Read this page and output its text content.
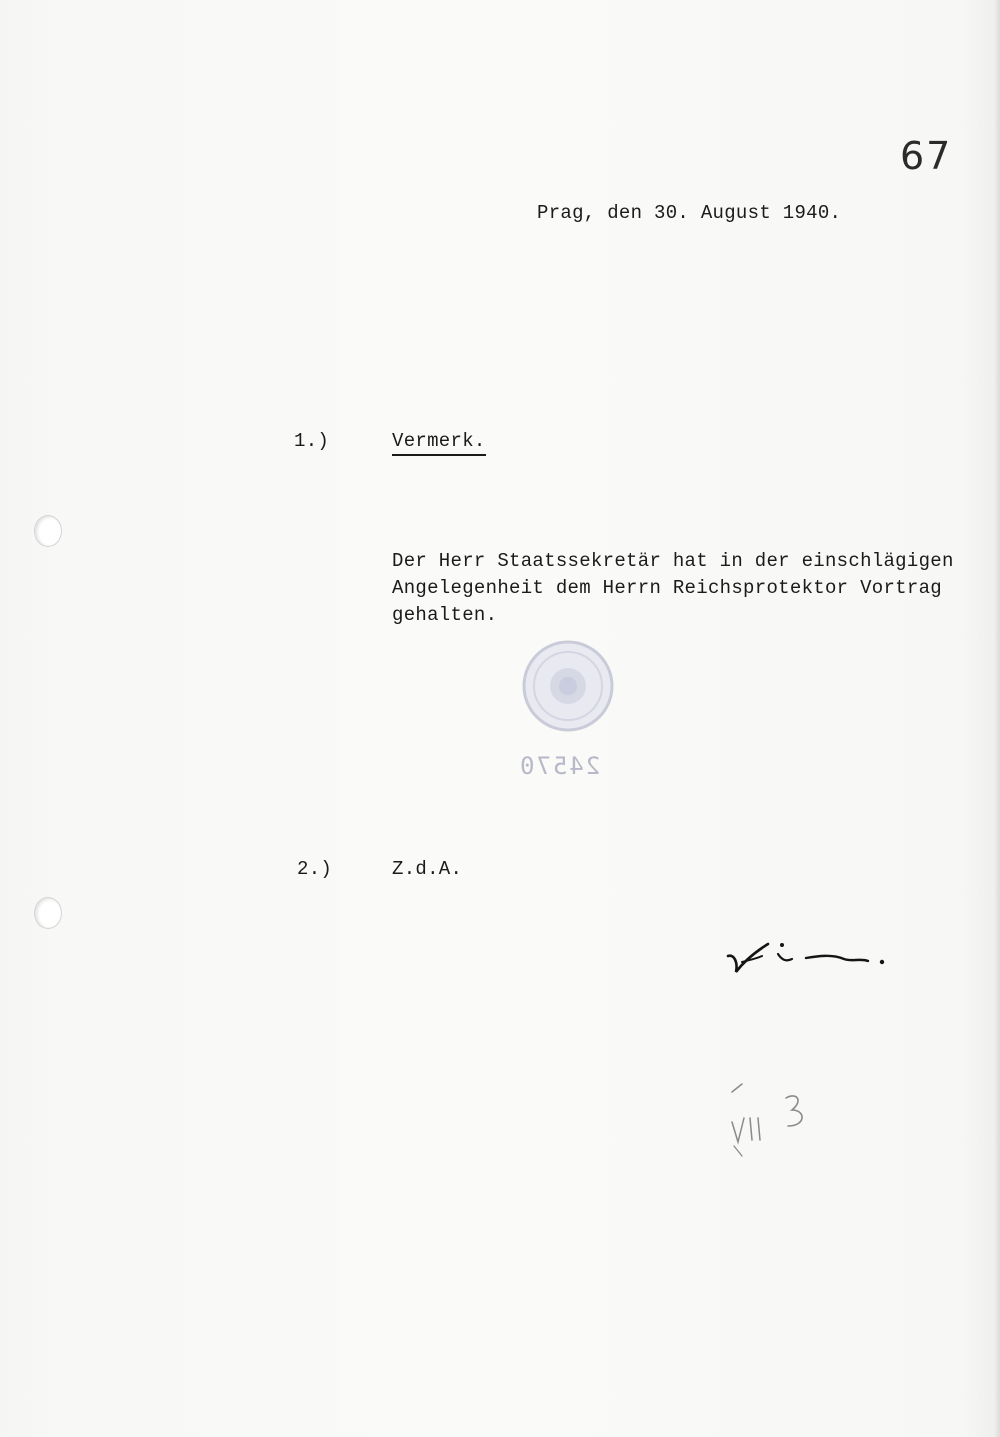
67
Prag, den 30. August 1940.
1.)	Vermerk.
Der Herr Staatssekretär hat in der einschlägigen
Angelegenheit dem Herrn Reichsprotektor Vortrag
gehalten.
24570
2.)	Z.d.A.
